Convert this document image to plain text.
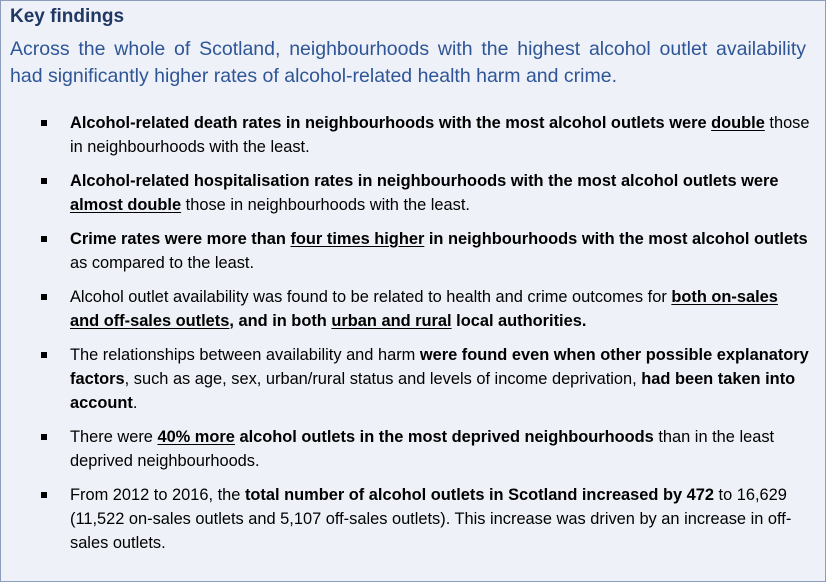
Key findings
Across the whole of Scotland, neighbourhoods with the highest alcohol outlet availability had significantly higher rates of alcohol-related health harm and crime.
Alcohol-related death rates in neighbourhoods with the most alcohol outlets were double those in neighbourhoods with the least.
Alcohol-related hospitalisation rates in neighbourhoods with the most alcohol outlets were almost double those in neighbourhoods with the least.
Crime rates were more than four times higher in neighbourhoods with the most alcohol outlets as compared to the least.
Alcohol outlet availability was found to be related to health and crime outcomes for both on-sales and off-sales outlets, and in both urban and rural local authorities.
The relationships between availability and harm were found even when other possible explanatory factors, such as age, sex, urban/rural status and levels of income deprivation, had been taken into account.
There were 40% more alcohol outlets in the most deprived neighbourhoods than in the least deprived neighbourhoods.
From 2012 to 2016, the total number of alcohol outlets in Scotland increased by 472 to 16,629 (11,522 on-sales outlets and 5,107 off-sales outlets). This increase was driven by an increase in off-sales outlets.
